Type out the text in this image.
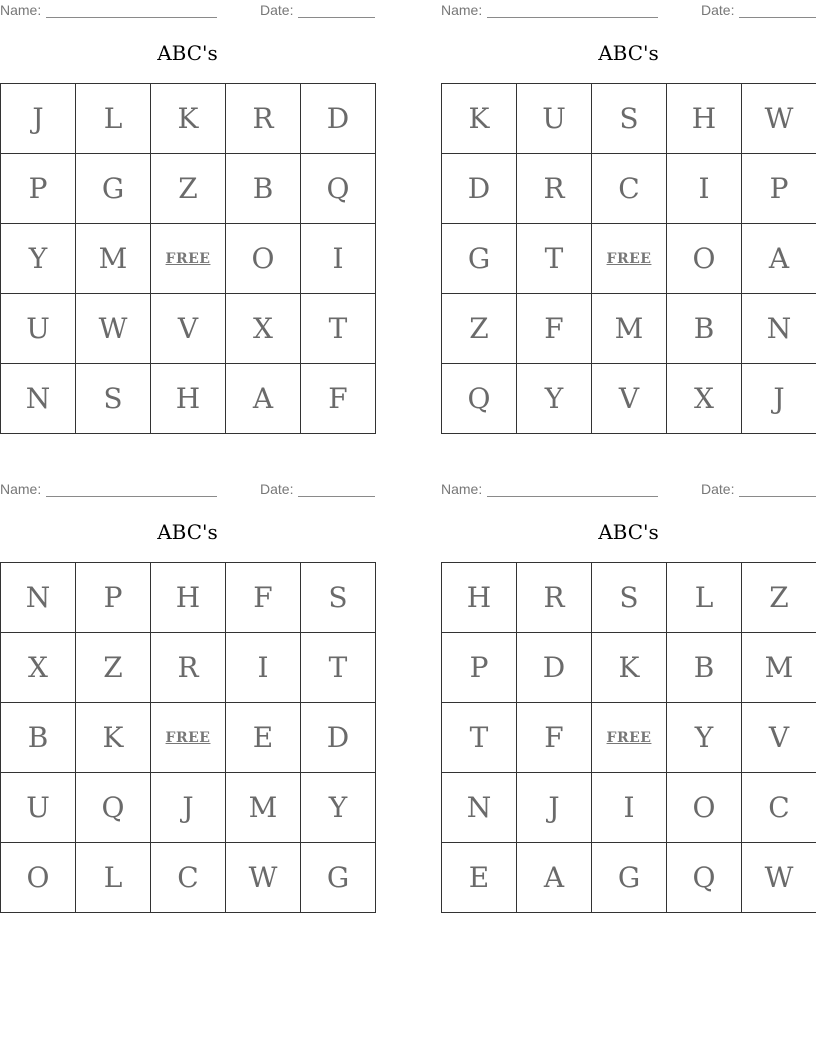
Name:	Date:
ABC's
J	L	K	R	D
P	G	Z	B	Q
Y	M	FREE	O	I
U	W	V	X	T
N	S	H	A	F
Name:	Date:
ABC's
K	U	S	H	W
D	R	C	I	P
G	T	FREE	O	A
Z	F	M	B	N
Q	Y	V	X	J
Name:	Date:
ABC's
N	P	H	F	S
X	Z	R	I	T
B	K	FREE	E	D
U	Q	J	M	Y
O	L	C	W	G
Name:	Date:
ABC's
H	R	S	L	Z
P	D	K	B	M
T	F	FREE	Y	V
N	J	I	O	C
E	A	G	Q	W
